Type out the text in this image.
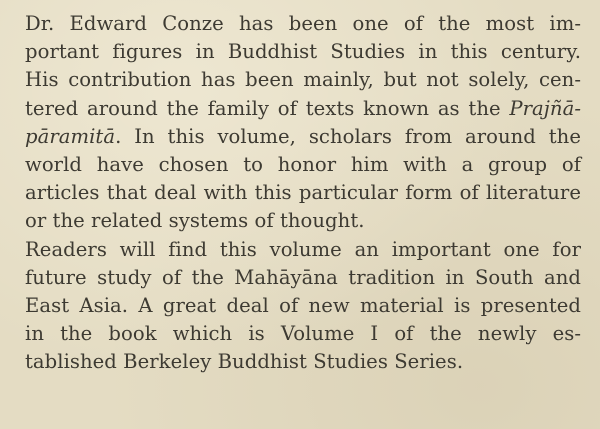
Dr. Edward Conze has been one of the most im-
portant figures in Buddhist Studies in this century.
His contribution has been mainly, but not solely, cen-
tered around the family of texts known as the Prajñā-
pāramitā. In this volume, scholars from around the
world have chosen to honor him with a group of
articles that deal with this particular form of literature
or the related systems of thought.
Readers will find this volume an important one for
future study of the Mahāyāna tradition in South and
East Asia. A great deal of new material is presented
in the book which is Volume I of the newly es-
tablished Berkeley Buddhist Studies Series.
